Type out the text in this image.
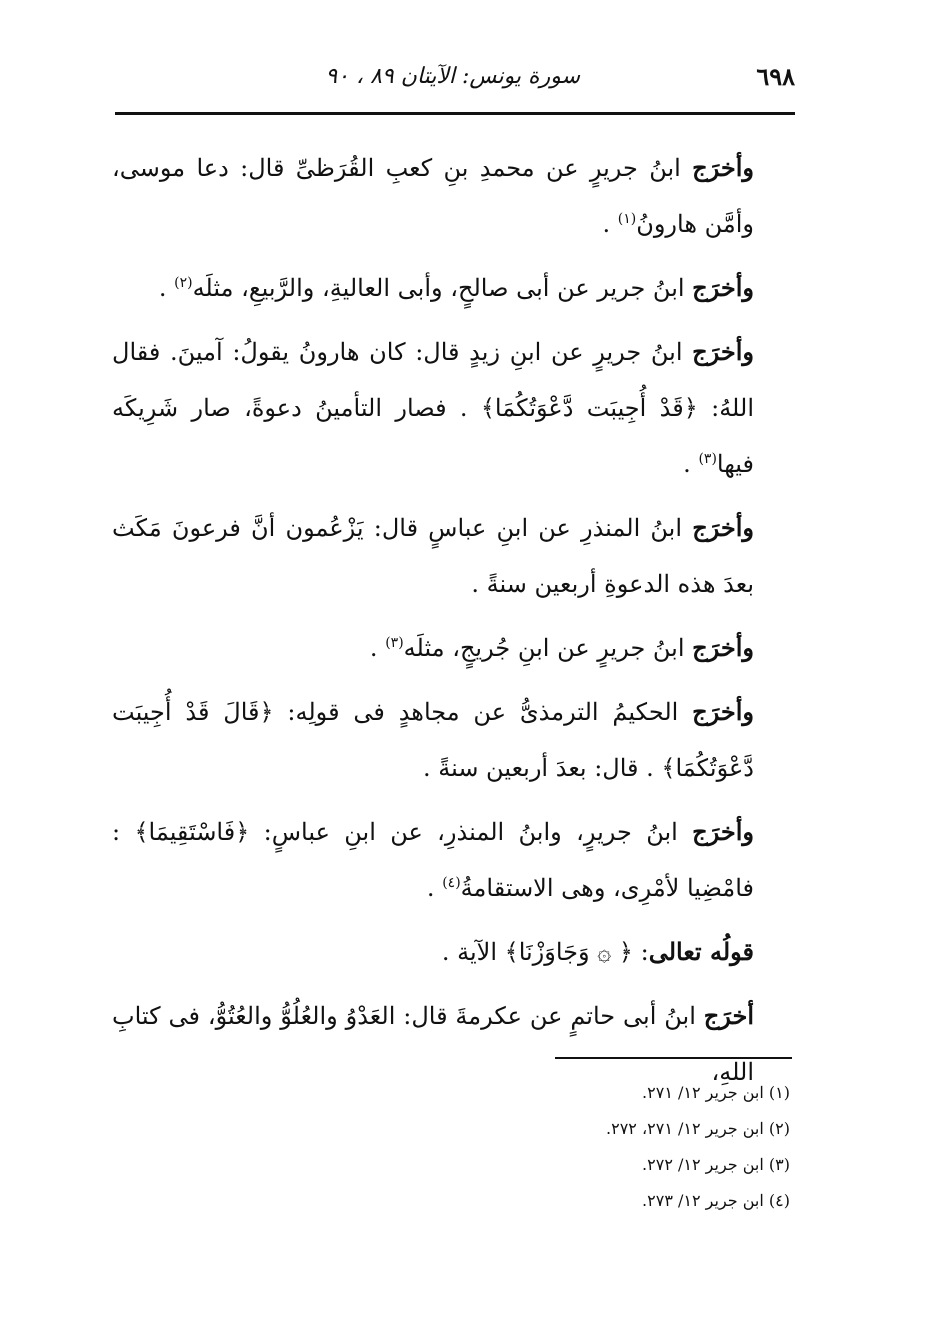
٦٩٨
سورة يونس: الآيتان ٨٩ ، ٩٠

وأخرَج ابنُ جريرٍ عن محمدِ بنِ كعبِ القُرَظىِّ قال: دعا موسى، وأمَّن هارونُ$^{(١)}$ .

وأخرَج ابنُ جرير عن أبى صالحٍ، وأبى العاليةِ، والرَّبيعِ، مثلَه$^{(٢)}$ .

وأخرَج ابنُ جريرٍ عن ابنِ زيدٍ قال: كان هارونُ يقولُ: آمينَ. فقال اللهُ: ﴿قَدْ أُجِيبَت دَّعْوَتُكُمَا﴾ . فصار التأمينُ دعوةً، صار شَرِيكَه فيها$^{(٣)}$ .

وأخرَج ابنُ المنذرِ عن ابنِ عباسٍ قال: يَزْعُمون أنَّ فرعونَ مَكَث بعدَ هذه الدعوةِ أربعين سنةً .

وأخرَج ابنُ جريرٍ عن ابنِ جُريجٍ، مثلَه$^{(٣)}$ .

وأخرَج الحكيمُ الترمذىُّ عن مجاهدٍ فى قولِه: ﴿قَالَ قَدْ أُجِيبَت دَّعْوَتُكُمَا﴾ . قال: بعدَ أربعين سنةً .

وأخرَج ابنُ جريرٍ، وابنُ المنذرِ، عن ابنِ عباسٍ: ﴿فَاسْتَقِيمَا﴾ : فامْضِيا لأمْرِى، وهى الاستقامةُ$^{(٤)}$ .

قولُه تعالى: ﴿ ۞ وَجَاوَزْنَا﴾ الآية .

أخرَج ابنُ أبى حاتمٍ عن عكرمةَ قال: العَدْوُ والعُلُوُّ والعُتُوُّ، فى كتابِ اللهِ،

(١) ابن جرير ١٢/ ٢٧١.
(٢) ابن جرير ١٢/ ٢٧١، ٢٧٢.
(٣) ابن جرير ١٢/ ٢٧٢.
(٤) ابن جرير ١٢/ ٢٧٣.
